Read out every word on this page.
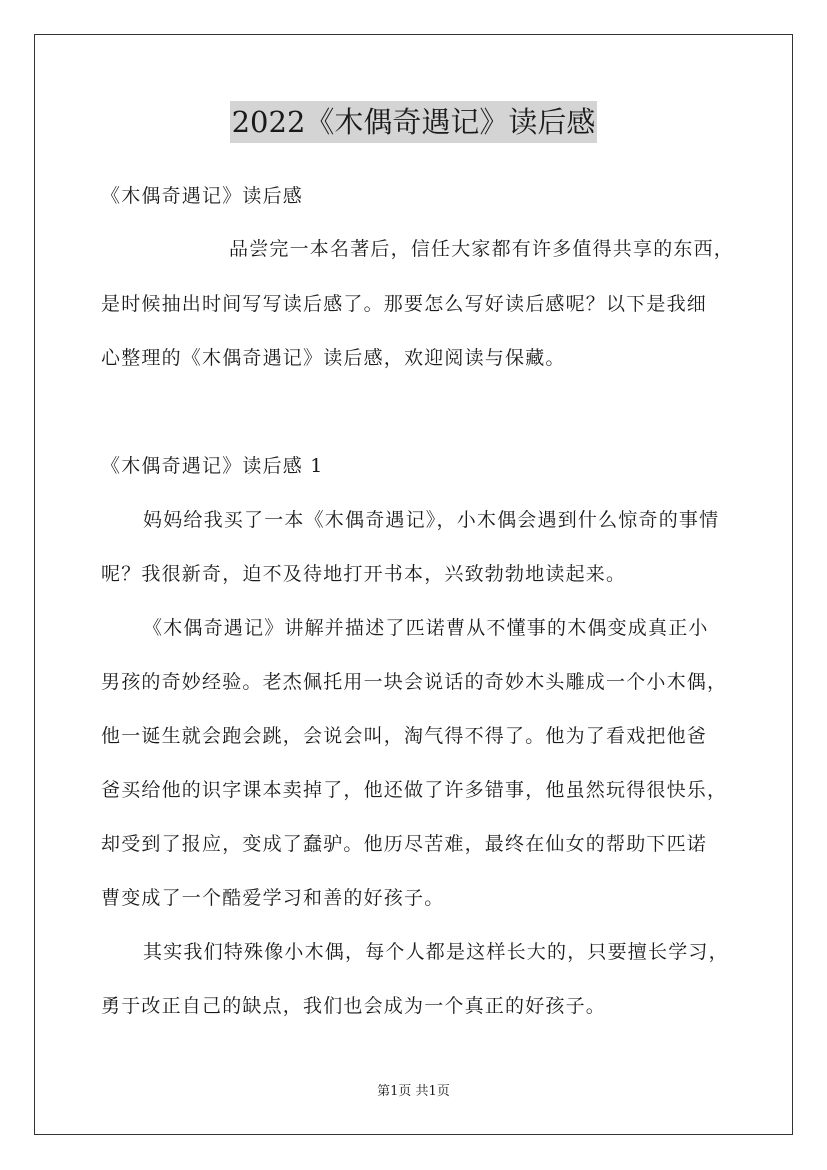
2022《木偶奇遇记》读后感
《木偶奇遇记》读后感
品尝完一本名著后，信任大家都有许多值得共享的东西，
是时候抽出时间写写读后感了。那要怎么写好读后感呢？以下是我细
心整理的《木偶奇遇记》读后感，欢迎阅读与保藏。
《木偶奇遇记》读后感 1
妈妈给我买了一本《木偶奇遇记》，小木偶会遇到什么惊奇的事情
呢？我很新奇，迫不及待地打开书本，兴致勃勃地读起来。
《木偶奇遇记》讲解并描述了匹诺曹从不懂事的木偶变成真正小
男孩的奇妙经验。老杰佩托用一块会说话的奇妙木头雕成一个小木偶，
他一诞生就会跑会跳，会说会叫，淘气得不得了。他为了看戏把他爸
爸买给他的识字课本卖掉了，他还做了许多错事，他虽然玩得很快乐，
却受到了报应，变成了蠢驴。他历尽苦难，最终在仙女的帮助下匹诺
曹变成了一个酷爱学习和善的好孩子。
其实我们特殊像小木偶，每个人都是这样长大的，只要擅长学习，
勇于改正自己的缺点，我们也会成为一个真正的好孩子。
第1页 共1页
